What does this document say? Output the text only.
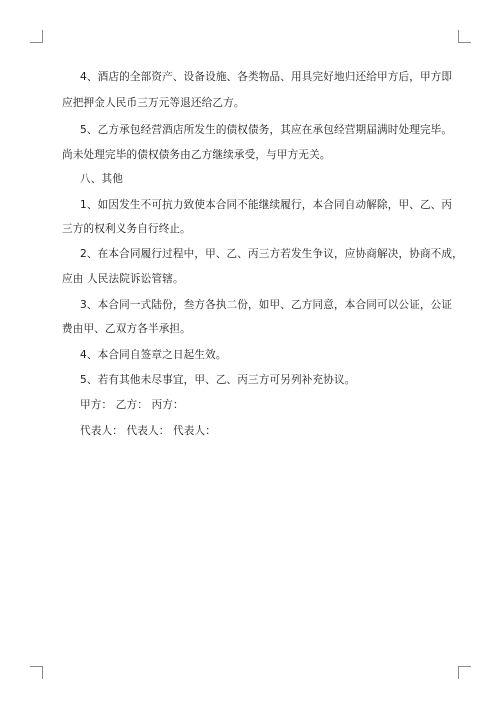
4、酒店的全部资产、设备设施、各类物品、用具完好地归还给甲方后，甲方即
应把押金人民币三万元等退还给乙方。
5、乙方承包经营酒店所发生的债权债务，其应在承包经营期届满时处理完毕。
尚未处理完毕的债权债务由乙方继续承受，与甲方无关。
八、其他
1、如因发生不可抗力致使本合同不能继续履行，本合同自动解除，甲、乙、丙
三方的权利义务自行终止。
2、在本合同履行过程中，甲、乙、丙三方若发生争议，应协商解决，协商不成，
应由 人民法院诉讼管辖。
3、本合同一式陆份，叁方各执二份，如甲、乙方同意，本合同可以公证，公证
费由甲、乙双方各半承担。
4、本合同自签章之日起生效。
5、若有其他未尽事宜，甲、乙、丙三方可另列补充协议。
甲方： 乙方： 丙方：
代表人： 代表人： 代表人：
